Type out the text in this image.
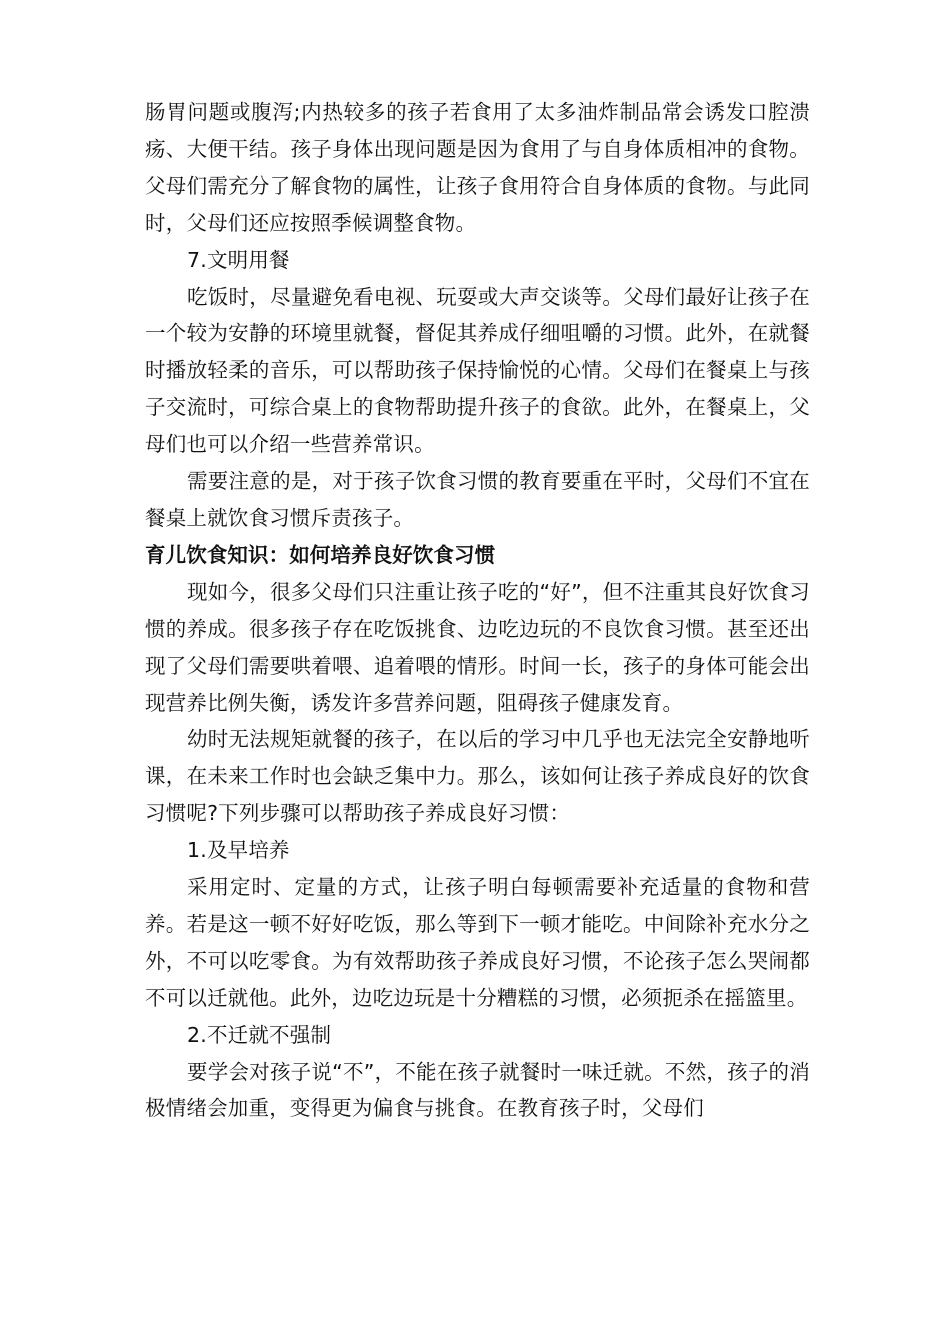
肠胃问题或腹泻;内热较多的孩子若食用了太多油炸制品常会诱发口腔溃疡、大便干结。孩子身体出现问题是因为食用了与自身体质相冲的食物。父母们需充分了解食物的属性，让孩子食用符合自身体质的食物。与此同时，父母们还应按照季候调整食物。

7.文明用餐

吃饭时，尽量避免看电视、玩耍或大声交谈等。父母们最好让孩子在一个较为安静的环境里就餐，督促其养成仔细咀嚼的习惯。此外，在就餐时播放轻柔的音乐，可以帮助孩子保持愉悦的心情。父母们在餐桌上与孩子交流时，可综合桌上的食物帮助提升孩子的食欲。此外，在餐桌上，父母们也可以介绍一些营养常识。

需要注意的是，对于孩子饮食习惯的教育要重在平时，父母们不宜在餐桌上就饮食习惯斥责孩子。

育儿饮食知识：如何培养良好饮食习惯

现如今，很多父母们只注重让孩子吃的“好”，但不注重其良好饮食习惯的养成。很多孩子存在吃饭挑食、边吃边玩的不良饮食习惯。甚至还出现了父母们需要哄着喂、追着喂的情形。时间一长，孩子的身体可能会出现营养比例失衡，诱发许多营养问题，阻碍孩子健康发育。

幼时无法规矩就餐的孩子，在以后的学习中几乎也无法完全安静地听课，在未来工作时也会缺乏集中力。那么，该如何让孩子养成良好的饮食习惯呢?下列步骤可以帮助孩子养成良好习惯：

1.及早培养

采用定时、定量的方式，让孩子明白每顿需要补充适量的食物和营养。若是这一顿不好好吃饭，那么等到下一顿才能吃。中间除补充水分之外，不可以吃零食。为有效帮助孩子养成良好习惯，不论孩子怎么哭闹都不可以迁就他。此外，边吃边玩是十分糟糕的习惯，必须扼杀在摇篮里。

2.不迁就不强制

要学会对孩子说“不”，不能在孩子就餐时一味迁就。不然，孩子的消极情绪会加重，变得更为偏食与挑食。在教育孩子时，父母们
